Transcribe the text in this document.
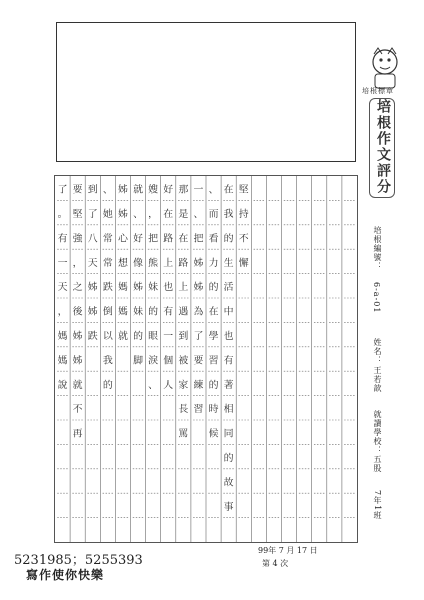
培根標章
培根作文評分
堅
持
不
懈
在
我
的
生
活
中
也
有
著
相
同
的
故
事
、
而
看
力
的
在
學
習
的
時
候
一
、
把
姊
姊
為
了
要
練
習
那
是
在
路
上
遇
到
被
家
長
罵
好
在
路
上
也
有
一
個
人
嫂
，
把
熊
妹
的
眼
淚
、
就
、
好
像
姊
妹
的
脚
姊
姊
心
想
媽
媽
就
、
她
常
常
跌
倒
以
我
的
到
了
八
天
姊
姊
跌
要
堅
強
，
之
後
姊
姊
就
不
再
了
。
有
一
天
，
媽
媽
說
培根編號：
6-a-01
姓名：
王若歆
就讀學校：五股
7年1班
99年 7 月 17 日
第 4 次
5231985；5255393
寫作使你快樂
